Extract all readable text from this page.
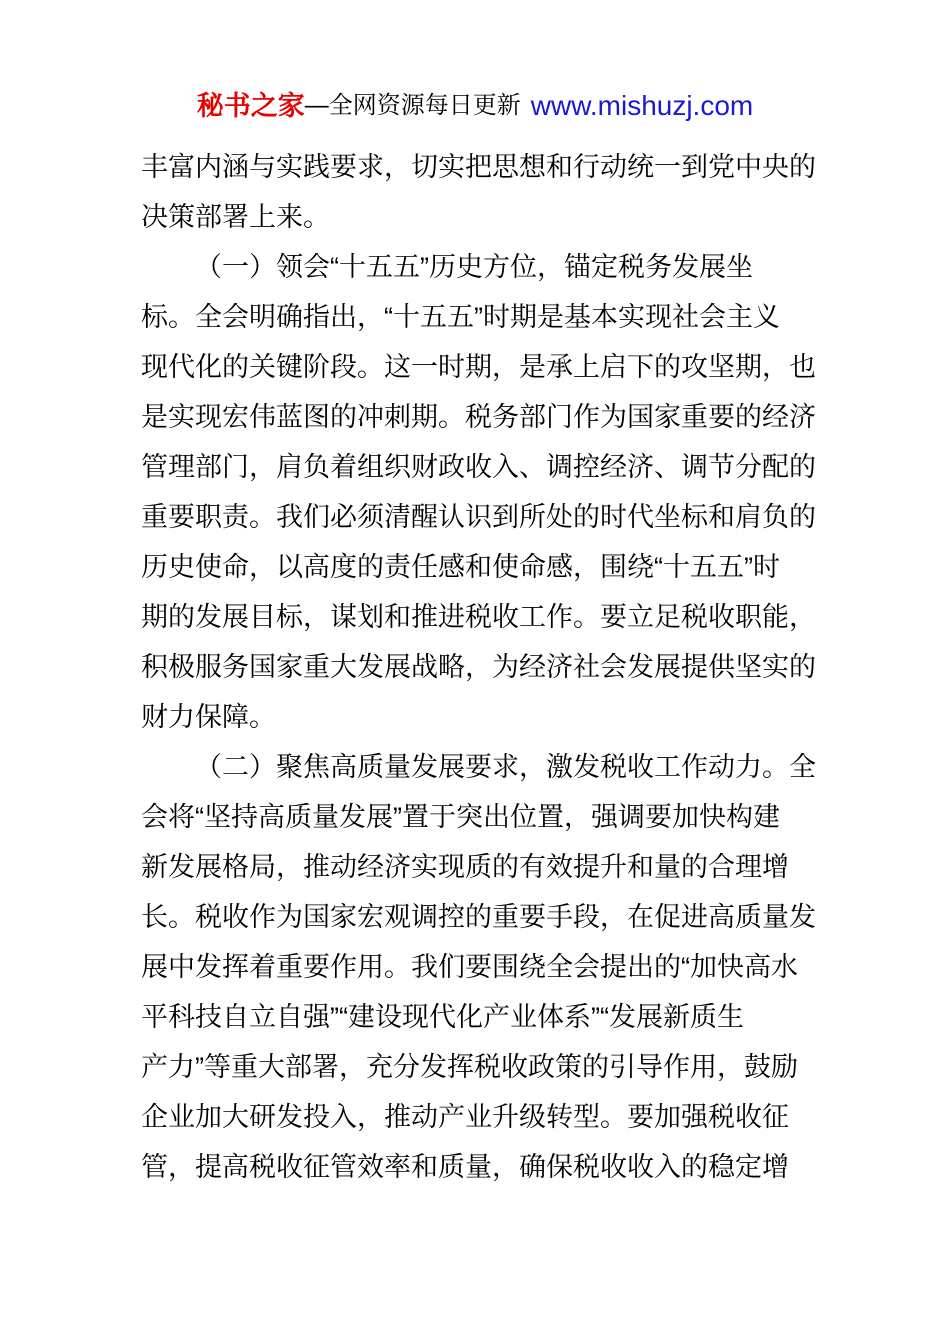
秘书之家—全网资源每日更新 www.mishuzj.com
丰富内涵与实践要求，切实把思想和行动统一到党中央的
决策部署上来。
（一）领会“十五五”历史方位，锚定税务发展坐
标。全会明确指出，“十五五”时期是基本实现社会主义
现代化的关键阶段。这一时期，是承上启下的攻坚期，也
是实现宏伟蓝图的冲刺期。税务部门作为国家重要的经济
管理部门，肩负着组织财政收入、调控经济、调节分配的
重要职责。我们必须清醒认识到所处的时代坐标和肩负的
历史使命，以高度的责任感和使命感，围绕“十五五”时
期的发展目标，谋划和推进税收工作。要立足税收职能，
积极服务国家重大发展战略，为经济社会发展提供坚实的
财力保障。
（二）聚焦高质量发展要求，激发税收工作动力。全
会将“坚持高质量发展”置于突出位置，强调要加快构建
新发展格局，推动经济实现质的有效提升和量的合理增
长。税收作为国家宏观调控的重要手段，在促进高质量发
展中发挥着重要作用。我们要围绕全会提出的“加快高水
平科技自立自强”“建设现代化产业体系”“发展新质生
产力”等重大部署，充分发挥税收政策的引导作用，鼓励
企业加大研发投入，推动产业升级转型。要加强税收征
管，提高税收征管效率和质量，确保税收收入的稳定增
